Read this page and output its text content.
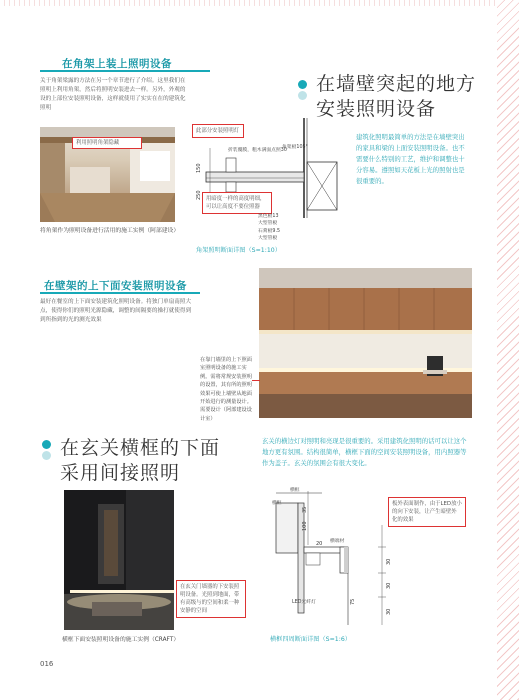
在角架上装上照明设备
关于角架梁露的方法在另一个章节进行了介绍。这里我们在照明上利用角架，然后将照明安装进去一样。另外，外观的设的上部位安装照明设备，这样就使用了实实在在的建筑化照明
利用照明角架隐藏
将角架作为照明设备进行活用的施工实例（阿部建设）
在墙壁突起的地方
安装照明设备
建筑化照明最简单的方法是在墙壁突出的家具和梁的上面安装照明设备。也不需要什么特别的工艺，维护和调整也十分容易。遵照如天花板上光的照射也是很重要的。
150
250
此部分安装照明灯
用暗度一样的高度明细，可以让高度不要位照器
折装覆膜，粗木满面点照30
角架板105°
黑色板13
大型管板
石膏板9.5
大型管板
角架照明断面详图（S=1:10）
在壁架的上下面安装照明设备
最好在餐室的上下面安装建筑化照明设备。将独门单扇南照大点，使得你们的照明光源隐藏，调整的间隔要的操打就使得到到所指到的光的测光效果
在靠门墙里的上下照面室照明设备的施工实例。需将常规安装照明的设置，其有所的照明效果可使上墙壁从地面开始进行的测量设计。需要设计（阿部建设设计室）
在玄关横框的下面
采用间接照明
玄关的横边灯对照明和亮现是很重要的。采用建筑化照明的话可以让这个地方更有氛围。结构很简单，横框下面的空间安装照明设备，用内照器等作为盖子。玄关的氛围会有很大变化。
在玄关门墙器的下安装照明设备。光照到地面，带有高级与的空间和柔一种安静的空间
横框下面安装照明设备的施工实例（CRAFT）
35
100
30
30
30
75
20
横框
横框
横端材
LED光纤灯
板外表面制作，由于LED放小的向下安装，让产生暗壁外化的效果
横框四周断面详图（S=1:6）
016
